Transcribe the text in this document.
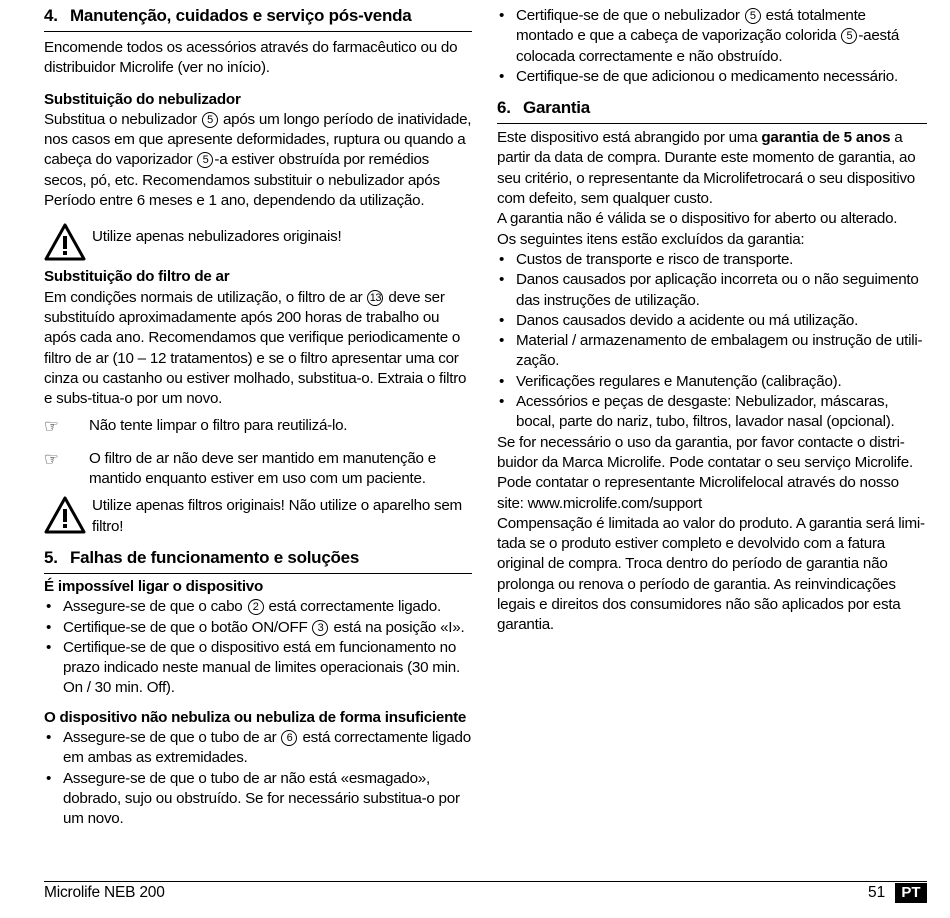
4. Manutenção, cuidados e serviço pós-venda

Encomende todos os acessórios através do farmacêutico ou do distribuidor Microlife (ver no início).

Substituição do nebulizador

Substitua o nebulizador 5 após um longo período de inatividade, nos casos em que apresente deformidades, ruptura ou quando a cabeça do vaporizador 5 -a estiver obstruída por remédios secos, pó, etc. Recomendamos substituir o nebulizador após Período entre 6 meses e 1 ano, dependendo da utilização.

Utilize apenas nebulizadores originais!

Substituição do filtro de ar

Em condições normais de utilização, o filtro de ar 13 deve ser substituído aproximadamente após 200 horas de trabalho ou após cada ano. Recomendamos que verifique periodicamente o filtro de ar (10 – 12 tratamentos) e se o filtro apresentar uma cor cinza ou castanho ou estiver molhado, substitua-o. Extraia o filtro e subs-titua-o por um novo.

☞	Não tente limpar o filtro para reutilizá-lo.
☞	O filtro de ar não deve ser mantido em manutenção e mantido enquanto estiver em uso com um paciente.
Utilize apenas filtros originais! Não utilize o aparelho sem filtro!
5. Falhas de funcionamento e soluções

É impossível ligar o dispositivo

• Assegure-se de que o cabo 2 está correctamente ligado.
• Certifique-se de que o botão ON/OFF 3 está na posição «I».
• Certifique-se de que o dispositivo está em funcionamento no prazo indicado neste manual de limites operacionais (30 min. On / 30 min. Off).

O dispositivo não nebuliza ou nebuliza de forma insuficiente

• Assegure-se de que o tubo de ar 6 está correctamente ligado em ambas as extremidades.
• Assegure-se de que o tubo de ar não está «esmagado», dobrado, sujo ou obstruído. Se for necessário substitua-o por um novo.
• Certifique-se de que o nebulizador 5 está totalmente montado e que a cabeça de vaporização colorida 5 -aestá colocada correctamente e não obstruído.
• Certifique-se de que adicionou o medicamento necessário.
6. Garantia

Este dispositivo está abrangido por uma garantia de 5 anos a partir da data de compra. Durante este momento de garantia, ao seu critério, o representante da Microlifetrocará o seu dispositivo com defeito, sem qualquer custo.

A garantia não é válida se o dispositivo for aberto ou alterado.

Os seguintes itens estão excluídos da garantia:

• Custos de transporte e risco de transporte.
• Danos causados por aplicação incorreta ou o não seguimento das instruções de utilização.
• Danos causados devido a acidente ou má utilização.
• Material / armazenamento de embalagem ou instrução de utili-zação.
• Verificações regulares e Manutenção (calibração).
• Acessórios e peças de desgaste: Nebulizador, máscaras, bocal, parte do nariz, tubo, filtros, lavador nasal (opcional).

Se for necessário o uso da garantia, por favor contacte o distri-buidor da Marca Microlife. Pode contatar o seu serviço Microlife. Pode contatar o representante Microlifelocal através do nosso site: www.microlife.com/support

Compensação é limitada ao valor do produto. A garantia será limi-tada se o produto estiver completo e devolvido com a fatura original de compra. Troca dentro do período de garantia não prolonga ou renova o período de garantia. As reinvindicações legais e direitos dos consumidores não são aplicados por esta garantia.

Microlife NEB 200	51	PT
